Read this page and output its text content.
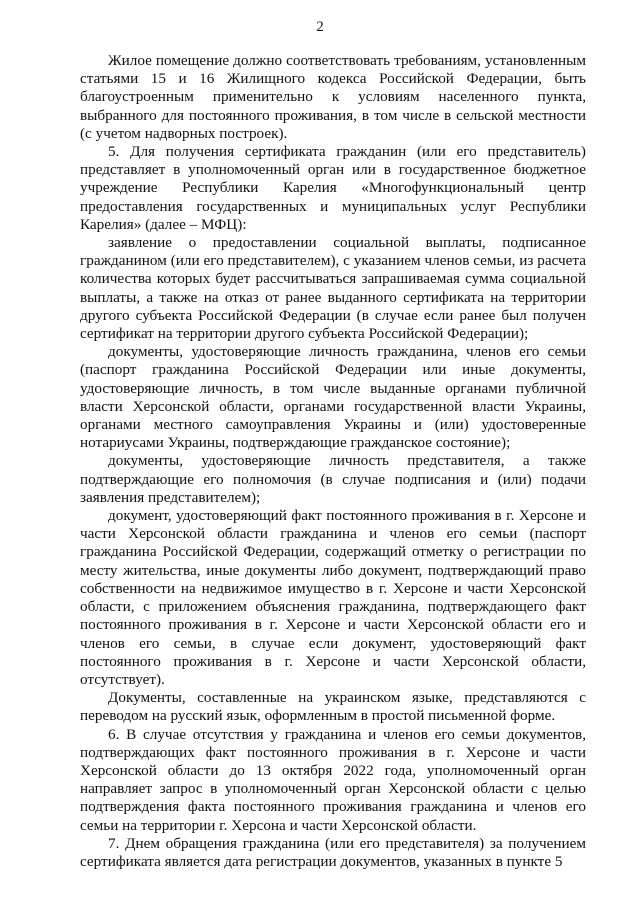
2

Жилое помещение должно соответствовать требованиям, установленным статьями 15 и 16 Жилищного кодекса Российской Федерации, быть благоустроенным применительно к условиям населенного пункта, выбранного для постоянного проживания, в том числе в сельской местности (с учетом надворных построек).

5. Для получения сертификата гражданин (или его представитель) представляет в уполномоченный орган или в государственное бюджетное учреждение Республики Карелия «Многофункциональный центр предоставления государственных и муниципальных услуг Республики Карелия» (далее – МФЦ):

заявление о предоставлении социальной выплаты, подписанное гражданином (или его представителем), с указанием членов семьи, из расчета количества которых будет рассчитываться запрашиваемая сумма социальной выплаты, а также на отказ от ранее выданного сертификата на территории другого субъекта Российской Федерации (в случае если ранее был получен сертификат на территории другого субъекта Российской Федерации);

документы, удостоверяющие личность гражданина, членов его семьи (паспорт гражданина Российской Федерации или иные документы, удостоверяющие личность, в том числе выданные органами публичной власти Херсонской области, органами государственной власти Украины, органами местного самоуправления Украины и (или) удостоверенные нотариусами Украины, подтверждающие гражданское состояние);

документы, удостоверяющие личность представителя, а также подтверждающие его полномочия (в случае подписания и (или) подачи заявления представителем);

документ, удостоверяющий факт постоянного проживания в г. Херсоне и части Херсонской области гражданина и членов его семьи (паспорт гражданина Российской Федерации, содержащий отметку о регистрации по месту жительства, иные документы либо документ, подтверждающий право собственности на недвижимое имущество в г. Херсоне и части Херсонской области, с приложением объяснения гражданина, подтверждающего факт постоянного проживания в г. Херсоне и части Херсонской области его и членов его семьи, в случае если документ, удостоверяющий факт постоянного проживания в г. Херсоне и части Херсонской области, отсутствует).

Документы, составленные на украинском языке, представляются с переводом на русский язык, оформленным в простой письменной форме.

6. В случае отсутствия у гражданина и членов его семьи документов, подтверждающих факт постоянного проживания в г. Херсоне и части Херсонской области до 13 октября 2022 года, уполномоченный орган направляет запрос в уполномоченный орган Херсонской области с целью подтверждения факта постоянного проживания гражданина и членов его семьи на территории г. Херсона и части Херсонской области.

7. Днем обращения гражданина (или его представителя) за получением сертификата является дата регистрации документов, указанных в пункте 5
